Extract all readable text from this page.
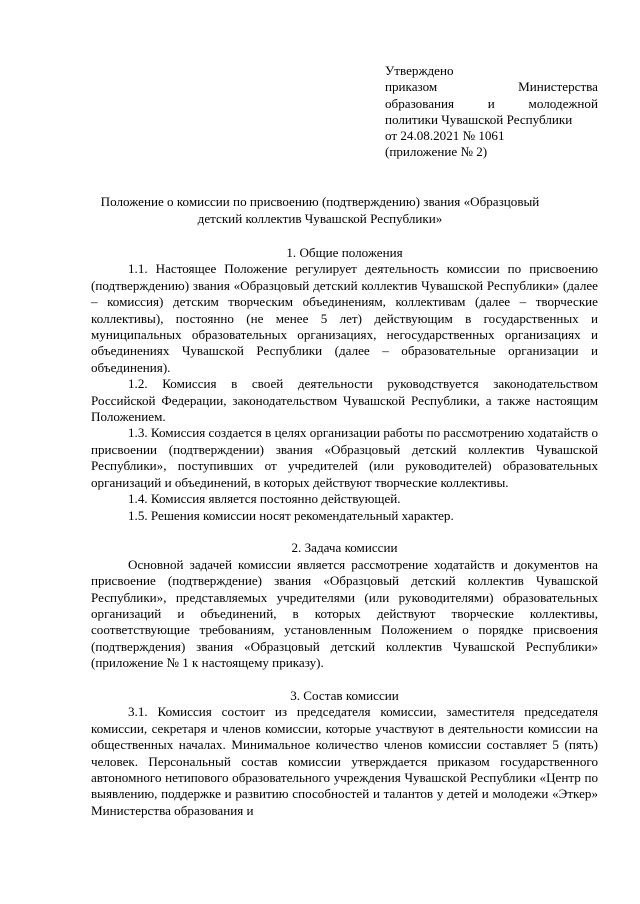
Утверждено
приказом Министерства
образования и молодежной
политики Чувашской Республики
от 24.08.2021 № 1061
(приложение № 2)
Положение о комиссии по присвоению (подтверждению) звания «Образцовый
детский коллектив Чувашской Республики»
1. Общие положения

1.1. Настоящее Положение регулирует деятельность комиссии по присвоению (подтверждению) звания «Образцовый детский коллектив Чувашской Республики» (далее – комиссия) детским творческим объединениям, коллективам (далее – творческие коллективы), постоянно (не менее 5 лет) действующим в государственных и муниципальных образовательных организациях, негосударственных организациях и объединениях Чувашской Республики (далее – образовательные организации и объединения).

1.2. Комиссия в своей деятельности руководствуется законодательством Российской Федерации, законодательством Чувашской Республики, а также настоящим Положением.

1.3. Комиссия создается в целях организации работы по рассмотрению ходатайств о присвоении (подтверждении) звания «Образцовый детский коллектив Чувашской Республики», поступивших от учредителей (или руководителей) образовательных организаций и объединений, в которых действуют творческие коллективы.

1.4. Комиссия является постоянно действующей.

1.5. Решения комиссии носят рекомендательный характер.

2. Задача комиссии

Основной задачей комиссии является рассмотрение ходатайств и документов на присвоение (подтверждение) звания «Образцовый детский коллектив Чувашской Республики», представляемых учредителями (или руководителями) образовательных организаций и объединений, в которых действуют творческие коллективы, соответствующие требованиям, установленным Положением о порядке присвоения (подтверждения) звания «Образцовый детский коллектив Чувашской Республики» (приложение № 1 к настоящему приказу).

3. Состав комиссии

3.1. Комиссия состоит из председателя комиссии, заместителя председателя комиссии, секретаря и членов комиссии, которые участвуют в деятельности комиссии на общественных началах. Минимальное количество членов комиссии составляет 5 (пять) человек. Персональный состав комиссии утверждается приказом государственного автономного нетипового образовательного учреждения Чувашской Республики «Центр по выявлению, поддержке и развитию способностей и талантов у детей и молодежи «Эткер» Министерства образования и
